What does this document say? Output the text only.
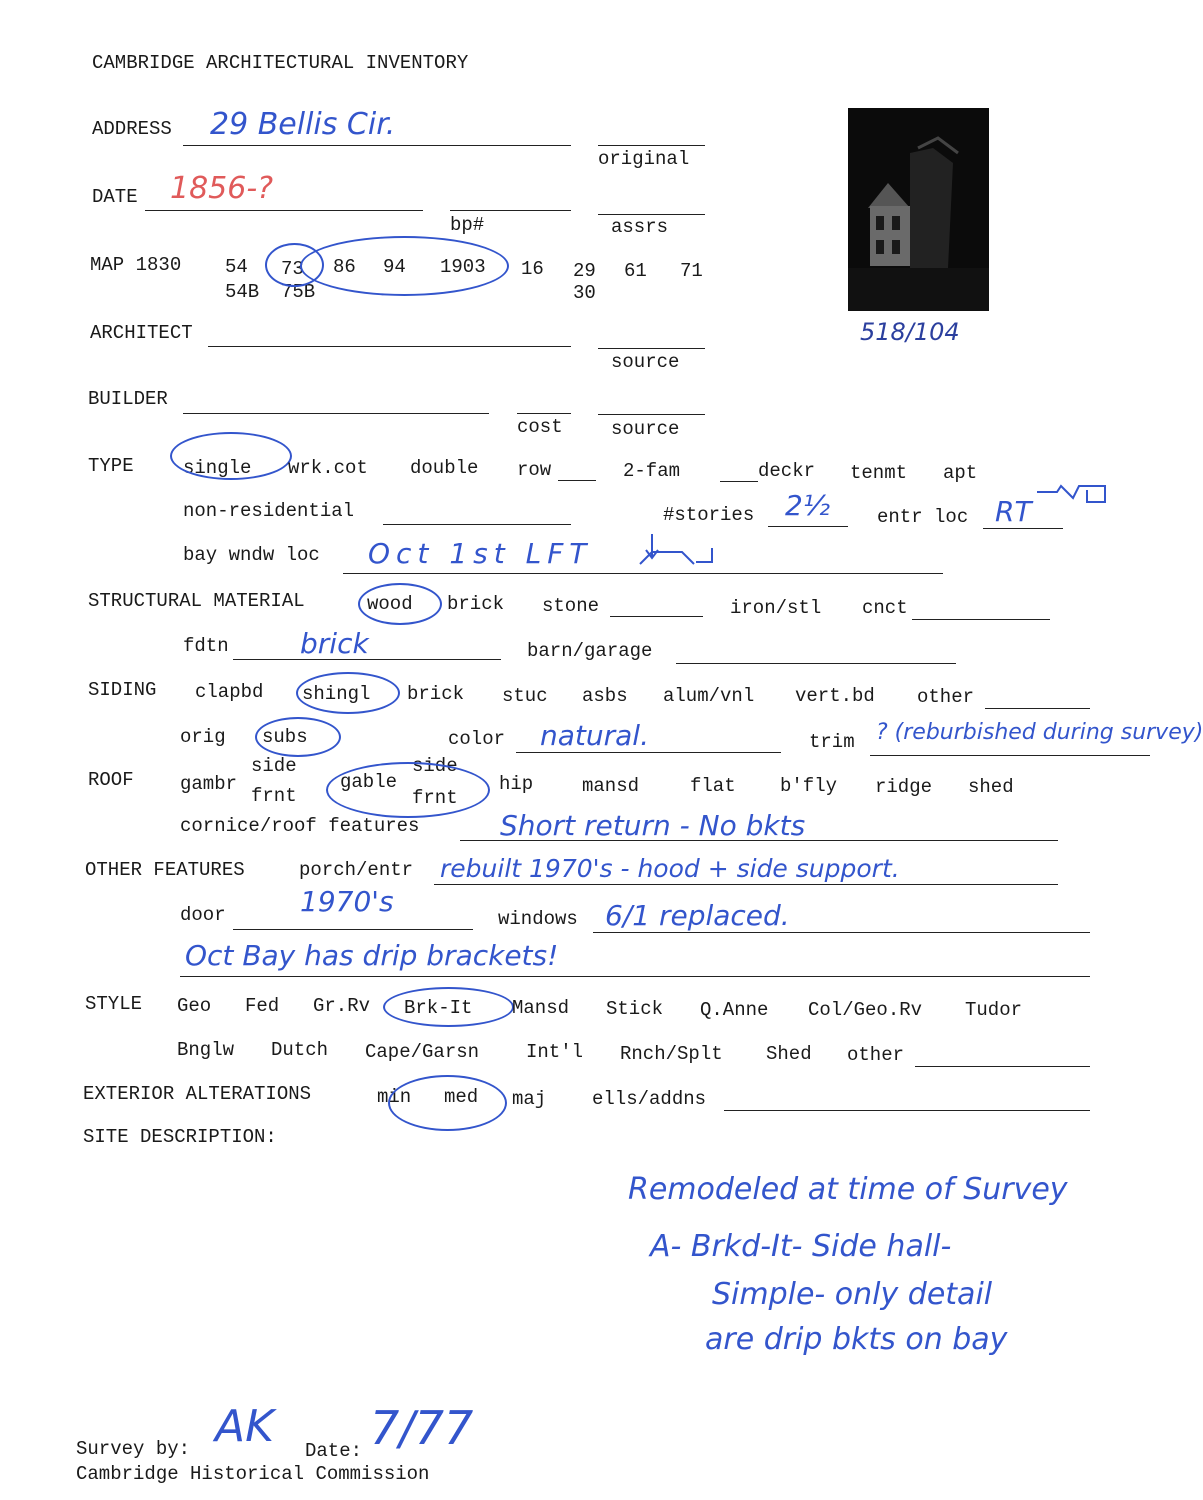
CAMBRIDGE ARCHITECTURAL INVENTORY
518/104
ADDRESS 29 Bellis Cir.
original
DATE 1856-?
bp#	assrs
MAP 1830 54 73 86 94 1903 16 29 61 71
54B 75B	30
ARCHITECT
source
BUILDER
cost	source
TYPE	single wrk.cot double row	2-fam	deckr tenmt apt
non-residential	#stories 2½ entr loc RT
bay wndw loc Oct 1st LFT
STRUCTURAL MATERIAL	wood brick stone	iron/stl cnct
fdtn	brick	barn/garage
SIDING clapbd shingl brick stuc asbs alum/vnl vert.bd other
orig subs	color natural.	trim ? (reburbished during survey)
ROOF gambr
side
frnt
gable
side
frnt
hip	mansd	flat b'fly ridge shed
cornice/roof features	Short return - No bkts
OTHER FEATURES	porch/entr rebuilt 1970's - hood + side support.
door	1970's
windows 6/1 replaced.
Oct Bay has drip brackets!
STYLE Geo Fed Gr.Rv Brk-It Mansd Stick Q.Anne Col/Geo.Rv Tudor
Bnglw Dutch Cape/Garsn Int'l Rnch/Splt Shed other
EXTERIOR ALTERATIONS	min med maj ells/addns
SITE DESCRIPTION:
Remodeled at time of Survey
A- Brkd-It- Side hall-
Simple- only detail
are drip bkts on bay
Survey by: AK Date: 7/77
Cambridge Historical Commission
